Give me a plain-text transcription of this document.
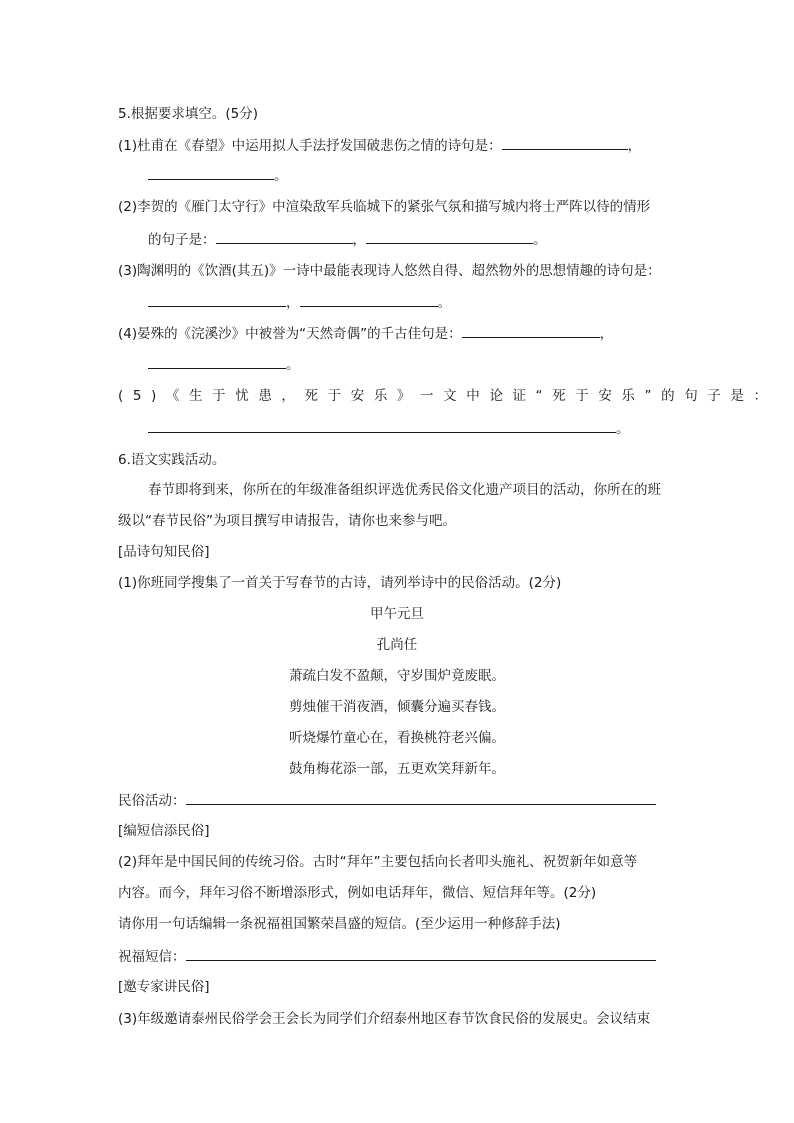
5.根据要求填空。(5分)
(1)杜甫在《春望》中运用拟人手法抒发国破悲伤之情的诗句是：	，
。
(2)李贺的《雁门太守行》中渲染敌军兵临城下的紧张气氛和描写城内将士严阵以待的情形
的句子是：	，	。
(3)陶渊明的《饮酒(其五)》一诗中最能表现诗人悠然自得、超然物外的思想情趣的诗句是：
，	。
(4)晏殊的《浣溪沙》中被誉为“天然奇偶”的千古佳句是：	，
。
(5)《生于忧患，死于安乐》一文中论证“死于安乐”的句子是：
。
6.语文实践活动。
春节即将到来，你所在的年级准备组织评选优秀民俗文化遗产项目的活动，你所在的班
级以“春节民俗”为项目撰写申请报告，请你也来参与吧。
[品诗句知民俗]
(1)你班同学搜集了一首关于写春节的古诗，请列举诗中的民俗活动。(2分)
甲午元旦
孔尚任
萧疏白发不盈颠，守岁围炉竟废眠。
剪烛催干消夜酒，倾囊分遍买春钱。
听烧爆竹童心在，看换桃符老兴偏。
鼓角梅花添一部，五更欢笑拜新年。
民俗活动：
[编短信添民俗]
(2)拜年是中国民间的传统习俗。古时“拜年”主要包括向长者叩头施礼、祝贺新年如意等
内容。而今，拜年习俗不断增添形式，例如电话拜年，微信、短信拜年等。(2分)
请你用一句话编辑一条祝福祖国繁荣昌盛的短信。(至少运用一种修辞手法)
祝福短信：
[邀专家讲民俗]
(3)年级邀请泰州民俗学会王会长为同学们介绍泰州地区春节饮食民俗的发展史。会议结束
